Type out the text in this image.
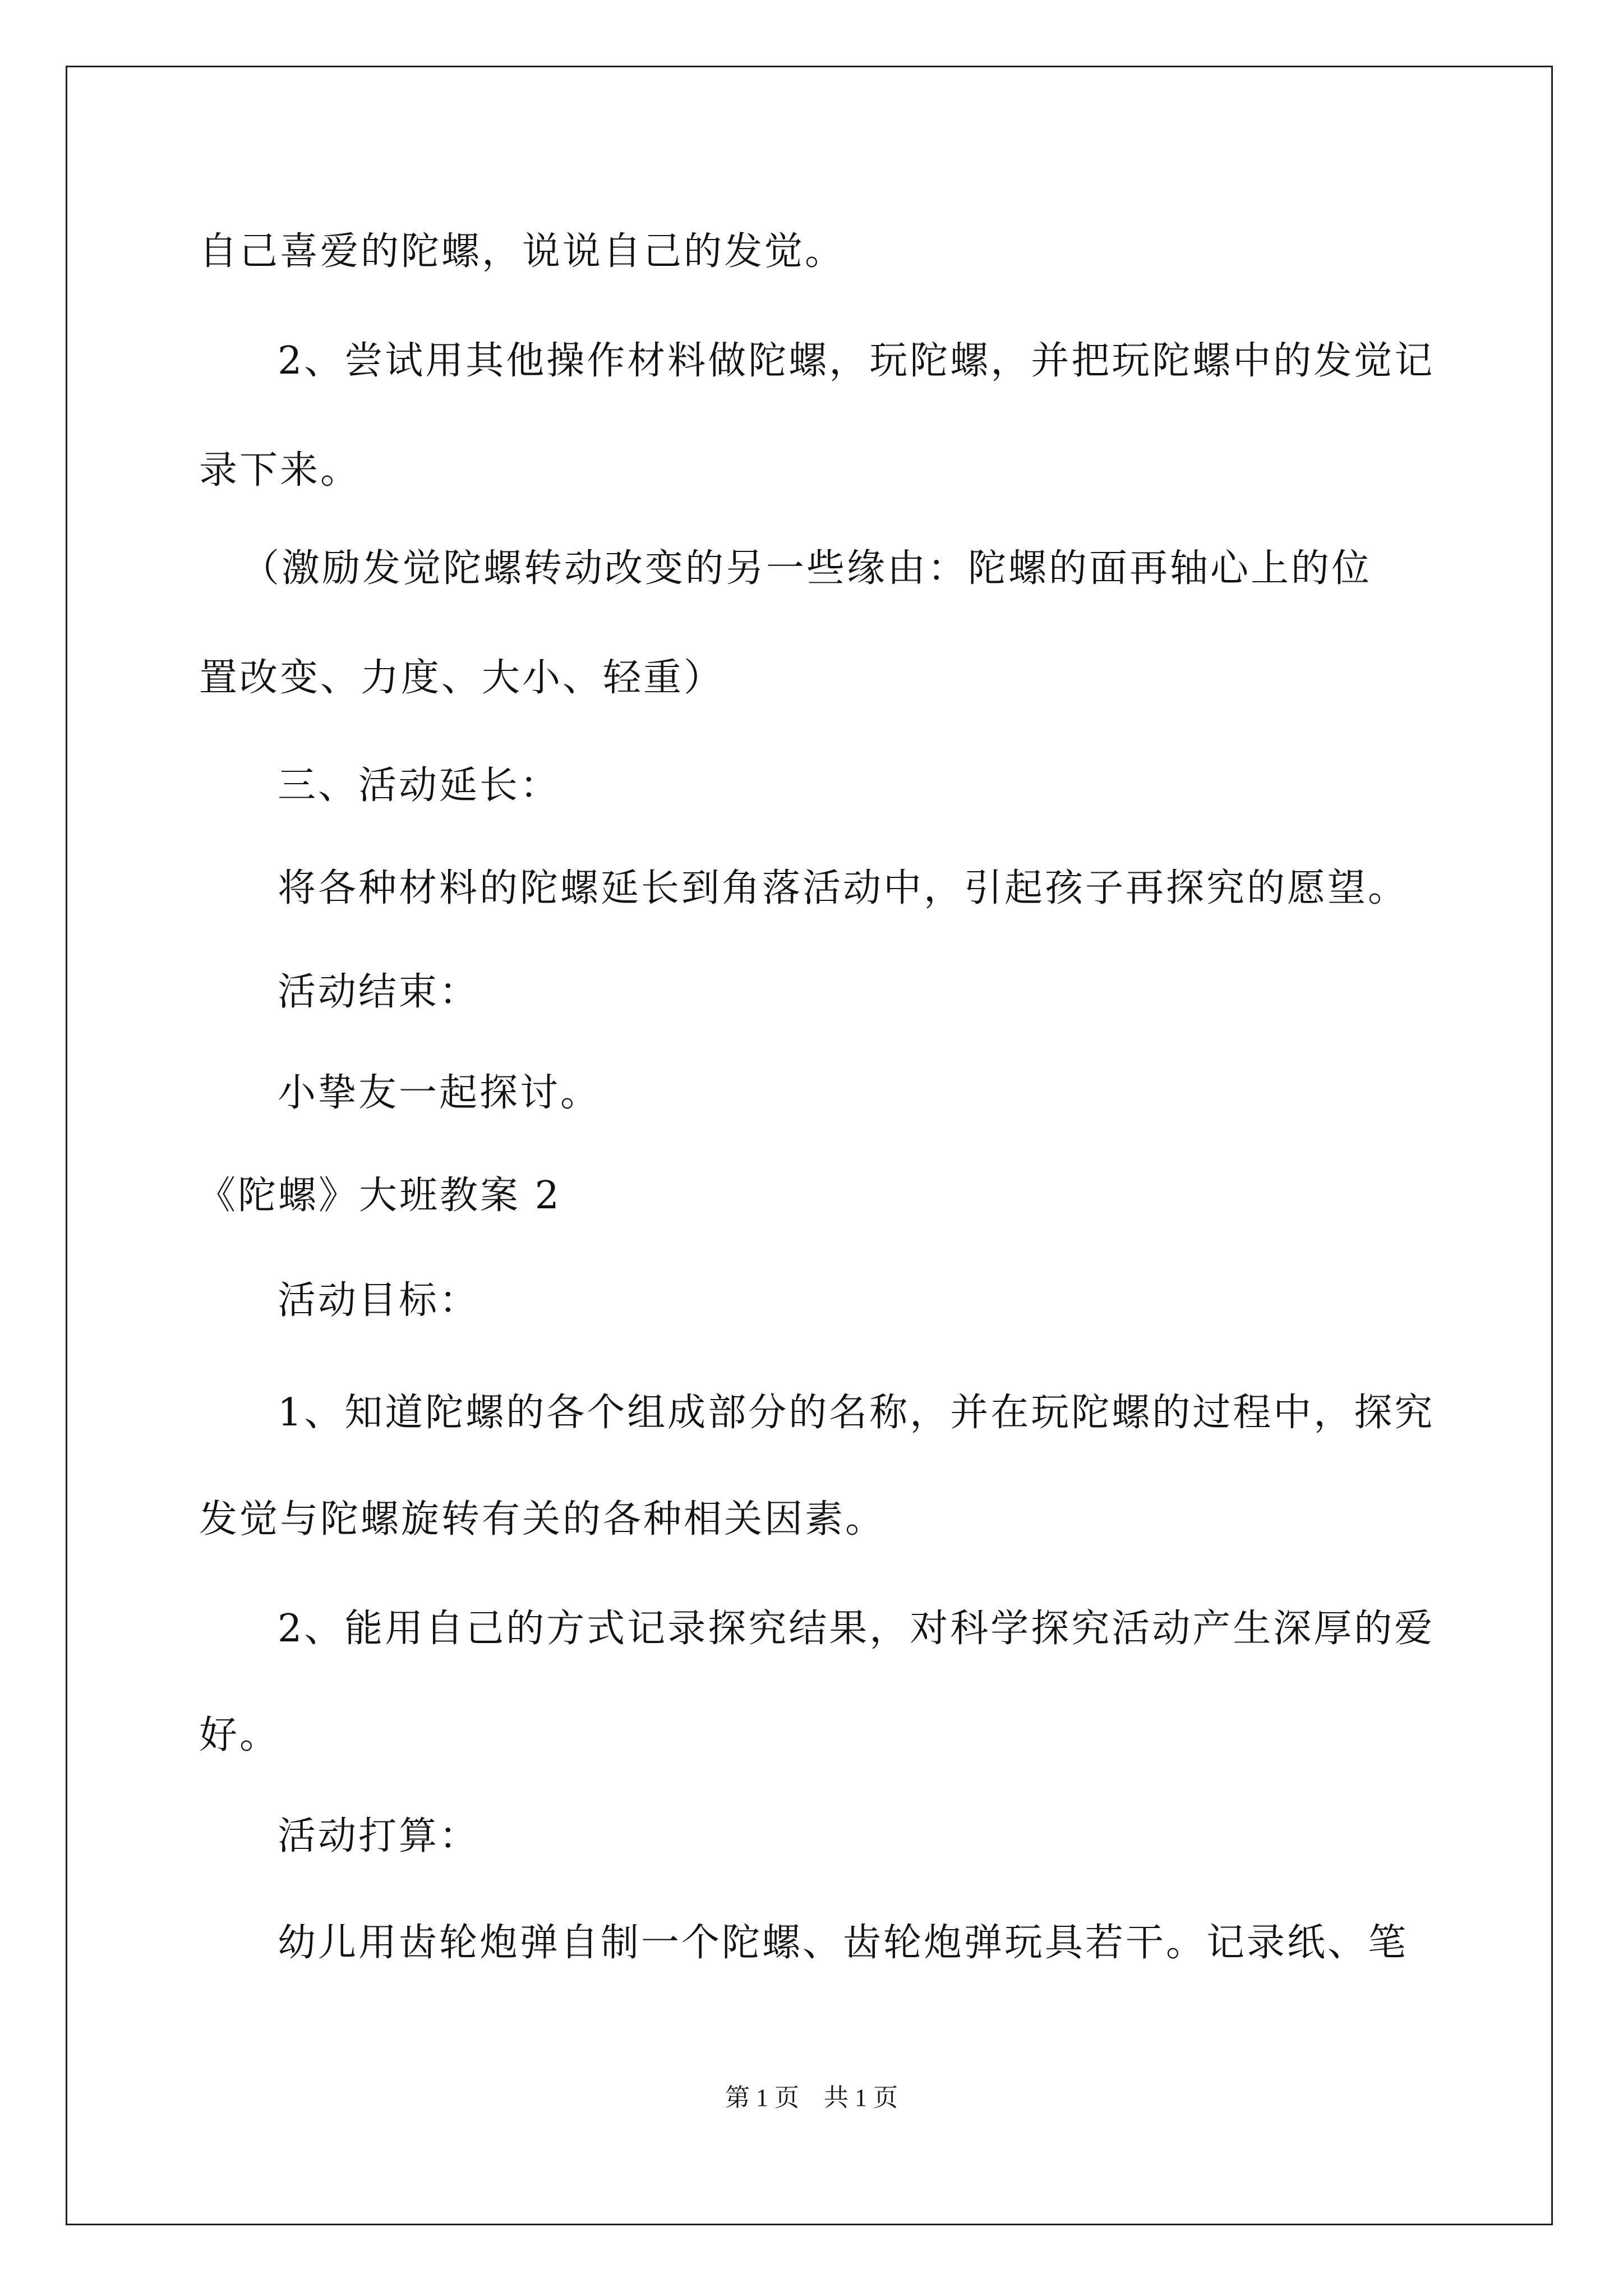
自己喜爱的陀螺，说说自己的发觉。
2、尝试用其他操作材料做陀螺，玩陀螺，并把玩陀螺中的发觉记
录下来。
（激励发觉陀螺转动改变的另一些缘由：陀螺的面再轴心上的位
置改变、力度、大小、轻重）
三、活动延长：
将各种材料的陀螺延长到角落活动中，引起孩子再探究的愿望。
活动结束：
小挚友一起探讨。
《陀螺》大班教案 2
活动目标：
1、知道陀螺的各个组成部分的名称，并在玩陀螺的过程中，探究
发觉与陀螺旋转有关的各种相关因素。
2、能用自己的方式记录探究结果，对科学探究活动产生深厚的爱
好。
活动打算：
幼儿用齿轮炮弹自制一个陀螺、齿轮炮弹玩具若干。记录纸、笔
第 1 页 共 1 页
